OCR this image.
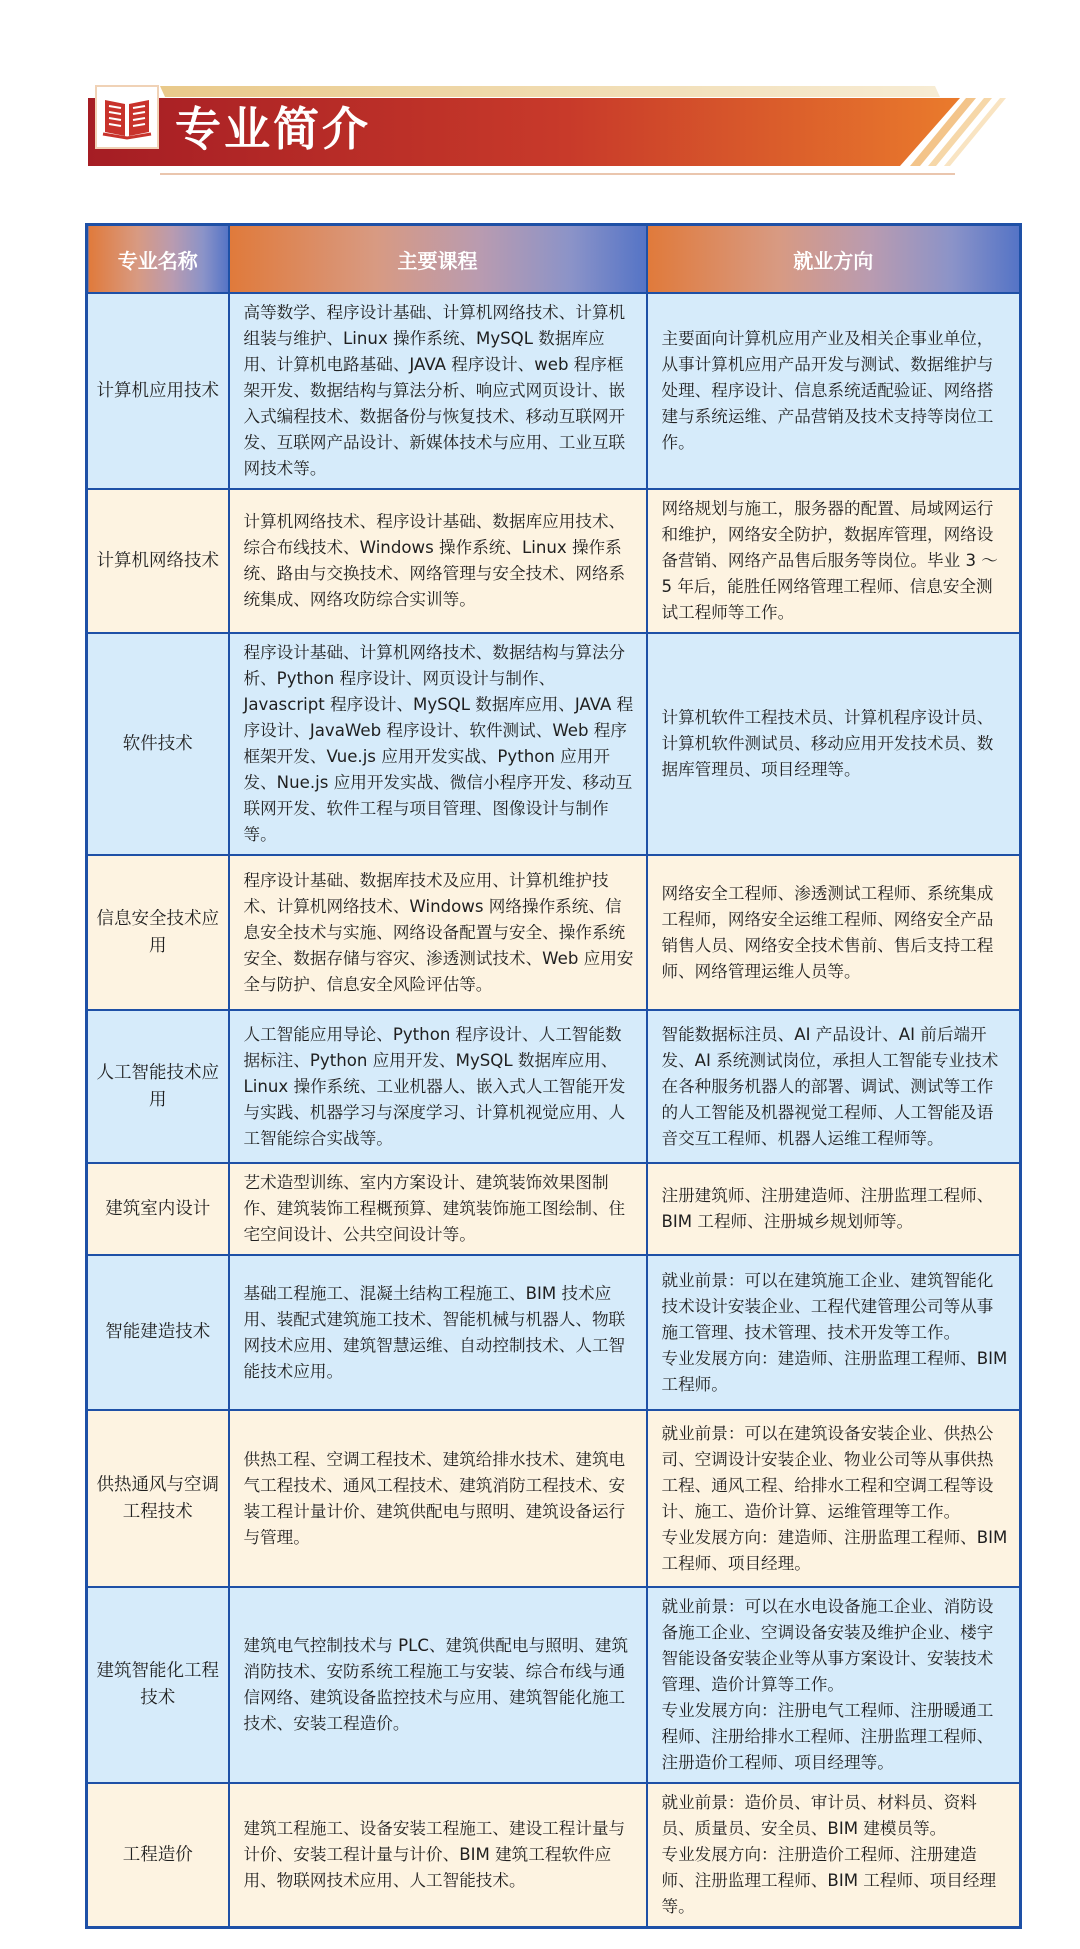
专业简介
专业名称	主要课程	就业方向
计算机应用技术	高等数学、程序设计基础、计算机网络技术、计算机组装与维护、Linux 操作系统、MySQL 数据库应用、计算机电路基础、JAVA 程序设计、web 程序框架开发、数据结构与算法分析、响应式网页设计、嵌入式编程技术、数据备份与恢复技术、移动互联网开发、互联网产品设计、新媒体技术与应用、工业互联网技术等。	主要面向计算机应用产业及相关企事业单位，从事计算机应用产品开发与测试、数据维护与处理、程序设计、信息系统适配验证、网络搭建与系统运维、产品营销及技术支持等岗位工作。

计算机网络技术	计算机网络技术、程序设计基础、数据库应用技术、综合布线技术、Windows 操作系统、Linux 操作系统、路由与交换技术、网络管理与安全技术、网络系统集成、网络攻防综合实训等。	网络规划与施工，服务器的配置、局域网运行和维护，网络安全防护，数据库管理，网络设备营销、网络产品售后服务等岗位。毕业 3 ～ 5 年后，能胜任网络管理工程师、信息安全测试工程师等工作。

软件技术	程序设计基础、计算机网络技术、数据结构与算法分析、Python 程序设计、网页设计与制作、Javascript 程序设计、MySQL 数据库应用、JAVA 程序设计、JavaWeb 程序设计、软件测试、Web 程序框架开发、Vue.js 应用开发实战、Python 应用开发、Nue.js 应用开发实战、微信小程序开发、移动互联网开发、软件工程与项目管理、图像设计与制作等。	计算机软件工程技术员、计算机程序设计员、计算机软件测试员、移动应用开发技术员、数据库管理员、项目经理等。

信息安全技术应用	程序设计基础、数据库技术及应用、计算机维护技术、计算机网络技术、Windows 网络操作系统、信息安全技术与实施、网络设备配置与安全、操作系统安全、数据存储与容灾、渗透测试技术、Web 应用安全与防护、信息安全风险评估等。	网络安全工程师、渗透测试工程师、系统集成工程师，网络安全运维工程师、网络安全产品销售人员、网络安全技术售前、售后支持工程师、网络管理运维人员等。

人工智能技术应用	人工智能应用导论、Python 程序设计、人工智能数据标注、Python 应用开发、MySQL 数据库应用、Linux 操作系统、工业机器人、嵌入式人工智能开发与实践、机器学习与深度学习、计算机视觉应用、人工智能综合实战等。	智能数据标注员、AI 产品设计、AI 前后端开发、AI 系统测试岗位，承担人工智能专业技术在各种服务机器人的部署、调试、测试等工作的人工智能及机器视觉工程师、人工智能及语音交互工程师、机器人运维工程师等。

建筑室内设计	艺术造型训练、室内方案设计、建筑装饰效果图制作、建筑装饰工程概预算、建筑装饰施工图绘制、住宅空间设计、公共空间设计等。	注册建筑师、注册建造师、注册监理工程师、BIM 工程师、注册城乡规划师等。

智能建造技术	基础工程施工、混凝土结构工程施工、BIM 技术应用、装配式建筑施工技术、智能机械与机器人、物联网技术应用、建筑智慧运维、自动控制技术、人工智能技术应用。	就业前景：可以在建筑施工企业、建筑智能化技术设计安装企业、工程代建管理公司等从事施工管理、技术管理、技术开发等工作。
专业发展方向：建造师、注册监理工程师、BIM 工程师。

供热通风与空调工程技术	供热工程、空调工程技术、建筑给排水技术、建筑电气工程技术、通风工程技术、建筑消防工程技术、安装工程计量计价、建筑供配电与照明、建筑设备运行与管理。	就业前景：可以在建筑设备安装企业、供热公司、空调设计安装企业、物业公司等从事供热工程、通风工程、给排水工程和空调工程等设计、施工、造价计算、运维管理等工作。
专业发展方向：建造师、注册监理工程师、BIM 工程师、项目经理。

建筑智能化工程技术	建筑电气控制技术与 PLC、建筑供配电与照明、建筑消防技术、安防系统工程施工与安装、综合布线与通信网络、建筑设备监控技术与应用、建筑智能化施工技术、安装工程造价。	就业前景：可以在水电设备施工企业、消防设备施工企业、空调设备安装及维护企业、楼宇智能设备安装企业等从事方案设计、安装技术管理、造价计算等工作。
专业发展方向：注册电气工程师、注册暖通工程师、注册给排水工程师、注册监理工程师、注册造价工程师、项目经理等。

工程造价	建筑工程施工、设备安装工程施工、建设工程计量与计价、安装工程计量与计价、BIM 建筑工程软件应用、物联网技术应用、人工智能技术。	就业前景：造价员、审计员、材料员、资料员、质量员、安全员、BIM 建模员等。
专业发展方向：注册造价工程师、注册建造师、注册监理工程师、BIM 工程师、项目经理等。
